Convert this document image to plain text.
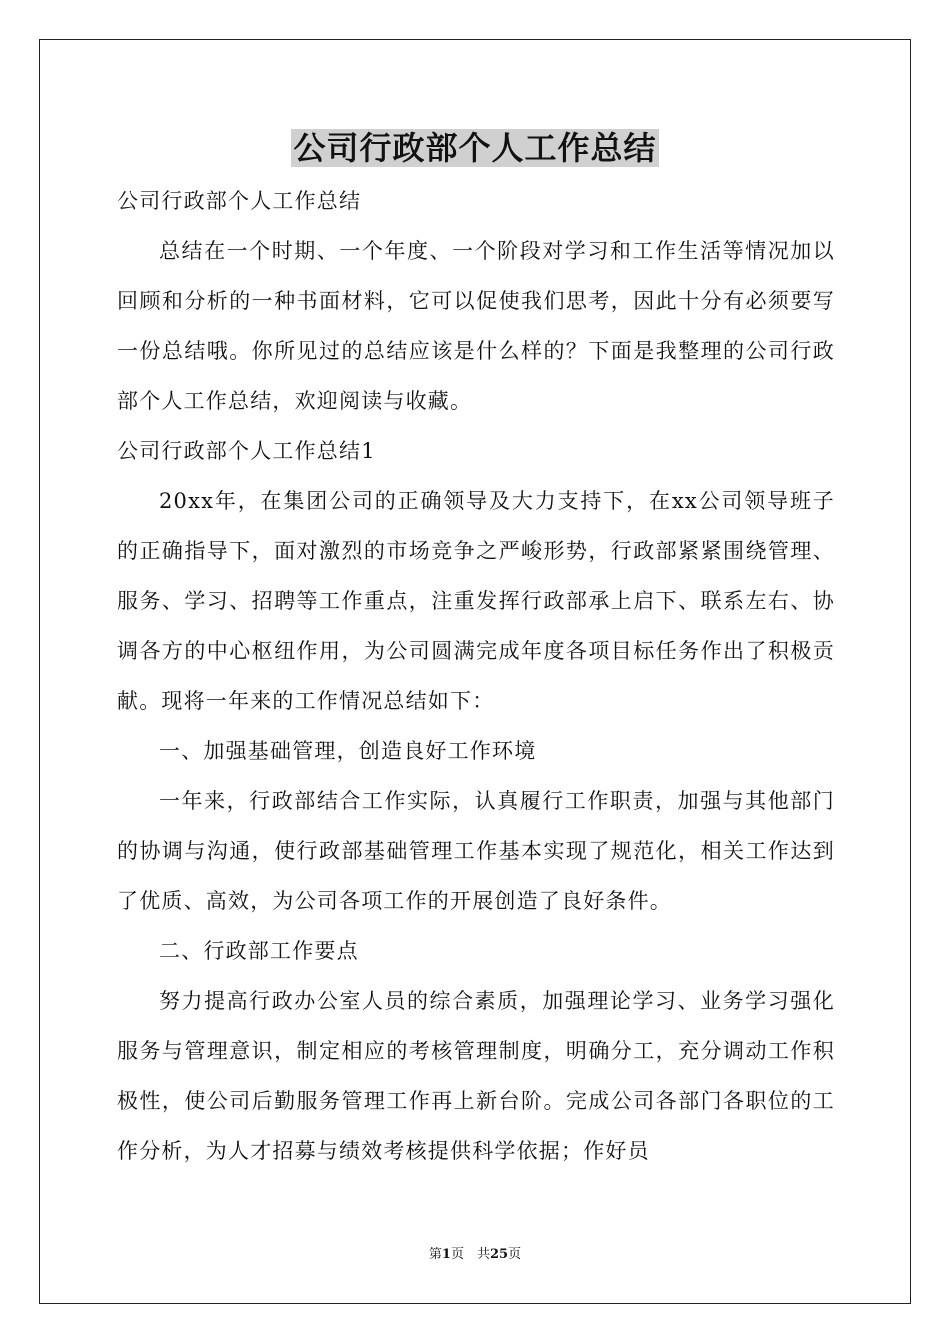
公司行政部个人工作总结

公司行政部个人工作总结

总结在一个时期、一个年度、一个阶段对学习和工作生活等情况加以回顾和分析的一种书面材料，它可以促使我们思考，因此十分有必须要写一份总结哦。你所见过的总结应该是什么样的？下面是我整理的公司行政部个人工作总结，欢迎阅读与收藏。

公司行政部个人工作总结1

20xx年，在集团公司的正确领导及大力支持下，在xx公司领导班子的正确指导下，面对激烈的市场竞争之严峻形势，行政部紧紧围绕管理、服务、学习、招聘等工作重点，注重发挥行政部承上启下、联系左右、协调各方的中心枢纽作用，为公司圆满完成年度各项目标任务作出了积极贡献。现将一年来的工作情况总结如下：

一、加强基础管理，创造良好工作环境

一年来，行政部结合工作实际，认真履行工作职责，加强与其他部门的协调与沟通，使行政部基础管理工作基本实现了规范化，相关工作达到了优质、高效，为公司各项工作的开展创造了良好条件。

二、行政部工作要点

努力提高行政办公室人员的综合素质，加强理论学习、业务学习强化服务与管理意识，制定相应的考核管理制度，明确分工，充分调动工作积极性，使公司后勤服务管理工作再上新台阶。完成公司各部门各职位的工作分析，为人才招募与绩效考核提供科学依据；作好员

第1页　共25页
